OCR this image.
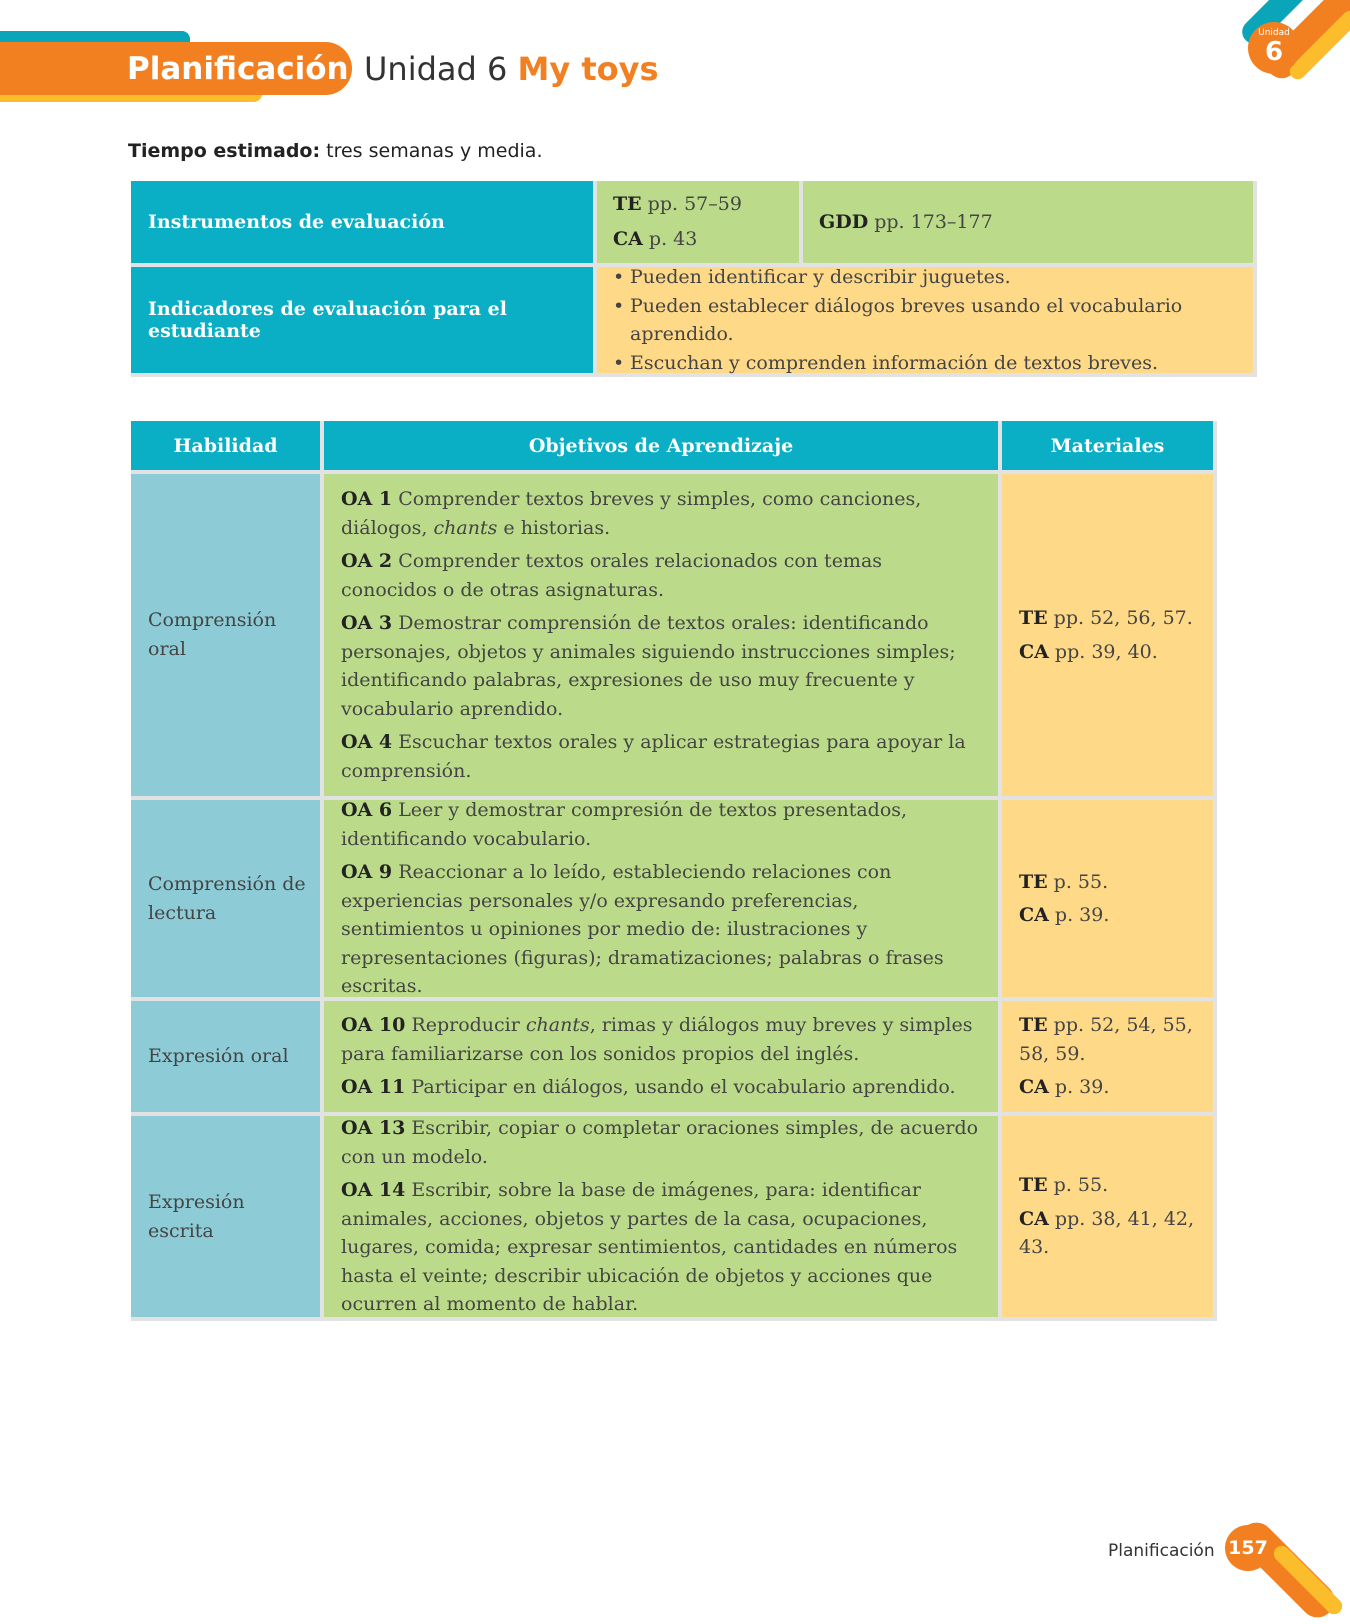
Planificación Unidad 6 My toys
Unidad
6
Tiempo estimado: tres semanas y media.
Instrumentos de evaluación
TE pp. 57–59
CA p. 43
GDD pp. 173–177
Indicadores de evaluación para el estudiante
• Pueden identificar y describir juguetes.
• Pueden establecer diálogos breves usando el vocabulario aprendido.
• Escuchan y comprenden información de textos breves.
Habilidad	Objetivos de Aprendizaje	Materiales
Comprensión oral

OA 1 Comprender textos breves y simples, como canciones, diálogos, chants e historias.

OA 2 Comprender textos orales relacionados con temas conocidos o de otras asignaturas.

OA 3 Demostrar comprensión de textos orales: identificando personajes, objetos y animales siguiendo instrucciones simples; identificando palabras, expresiones de uso muy frecuente y vocabulario aprendido.

OA 4 Escuchar textos orales y aplicar estrategias para apoyar la comprensión.

TE pp. 52, 56, 57.

CA pp. 39, 40.

Comprensión de lectura

OA 6 Leer y demostrar compresión de textos presentados, identificando vocabulario.

OA 9 Reaccionar a lo leído, estableciendo relaciones con experiencias personales y/o expresando preferencias, sentimientos u opiniones por medio de: ilustraciones y representaciones (figuras); dramatizaciones; palabras o frases escritas.

TE p. 55.

CA p. 39.

Expresión oral

OA 10 Reproducir chants, rimas y diálogos muy breves y simples para familiarizarse con los sonidos propios del inglés.

OA 11 Participar en diálogos, usando el vocabulario aprendido.

TE pp. 52, 54, 55, 58, 59.

CA p. 39.

Expresión escrita

OA 13 Escribir, copiar o completar oraciones simples, de acuerdo con un modelo.

OA 14 Escribir, sobre la base de imágenes, para: identificar animales, acciones, objetos y partes de la casa, ocupaciones, lugares, comida; expresar sentimientos, cantidades en números hasta el veinte; describir ubicación de objetos y acciones que ocurren al momento de hablar.

TE p. 55.

CA pp. 38, 41, 42, 43.

Planificación 157
